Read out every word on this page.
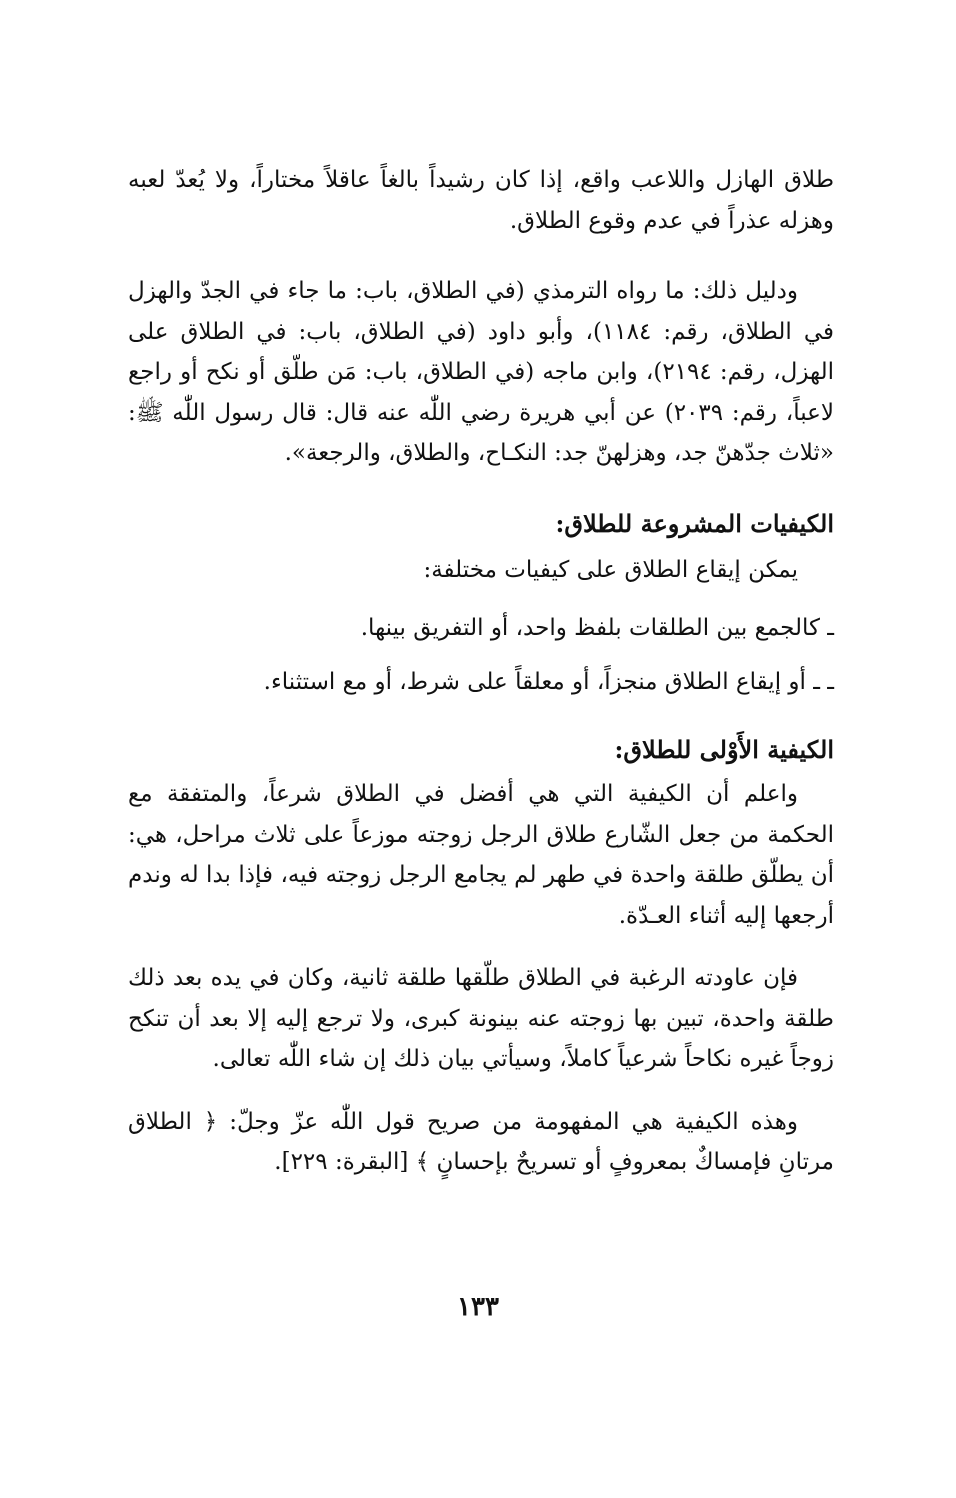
طلاق الهازل واللاعب واقع، إذا كان رشيداً بالغاً عاقلاً مختاراً، ولا يُعدّ لعبه وهزله عذراً في عدم وقوع الطلاق.

ودليل ذلك: ما رواه الترمذي (في الطلاق، باب: ما جاء في الجدّ والهزل في الطلاق، رقم: ١١٨٤)، وأبو داود (في الطلاق، باب: في الطلاق على الهزل، رقم: ٢١٩٤)، وابن ماجه (في الطلاق، باب: مَن طلّق أو نكح أو راجع لاعباً، رقم: ٢٠٣٩) عن أبي هريرة رضي اللّٰه عنه قال: قال رسول اللّٰه ﷺ: «ثلاث جدّهنّ جد، وهزلهنّ جد: النكـاح، والطلاق، والرجعة».

الكيفيات المشروعة للطلاق:

يمكن إيقاع الطلاق على كيفيات مختلفة:

ـ كالجمع بين الطلقات بلفظ واحد، أو التفريق بينها.

ـ ـ أو إيقاع الطلاق منجزاً، أو معلقاً على شرط، أو مع استثناء.

الكيفية الأَوْلى للطلاق:

واعلم أن الكيفية التي هي أفضل في الطلاق شرعاً، والمتفقة مع الحكمة من جعل الشّارع طلاق الرجل زوجته موزعاً على ثلاث مراحل، هي: أن يطلّق طلقة واحدة في طهر لم يجامع الرجل زوجته فيه، فإذا بدا له وندم أرجعها إليه أثناء العـدّة.

فإن عاودته الرغبة في الطلاق طلّقها طلقة ثانية، وكان في يده بعد ذلك طلقة واحدة، تبين بها زوجته عنه بينونة كبرى، ولا ترجع إليه إلا بعد أن تنكح زوجاً غيره نكاحاً شرعياً كاملاً، وسيأتي بيان ذلك إن شاء اللّٰه تعالى.

وهذه الكيفية هي المفهومة من صريح قول اللّٰه عزّ وجلّ: ﴿ الطلاق مرتانِ فإمساكٌ بمعروفٍ أو تسريحٌ بإحسانٍ ﴾ [البقرة: ٢٢٩].

١٣٣
